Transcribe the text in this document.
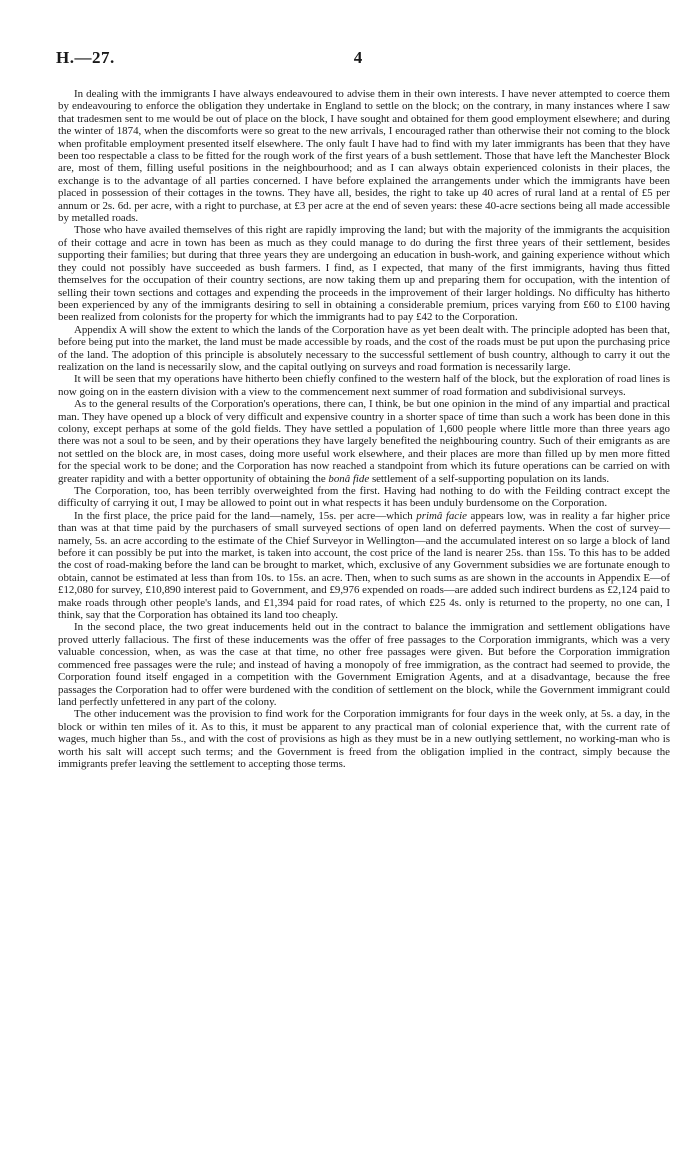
4
H.—27.

In dealing with the immigrants I have always endeavoured to advise them in their own interests. I have never attempted to coerce them by endeavouring to enforce the obligation they undertake in England to settle on the block; on the contrary, in many instances where I saw that tradesmen sent to me would be out of place on the block, I have sought and obtained for them good employment elsewhere; and during the winter of 1874, when the discomforts were so great to the new arrivals, I encouraged rather than otherwise their not coming to the block when profitable employment presented itself elsewhere. The only fault I have had to find with my later immigrants has been that they have been too respectable a class to be fitted for the rough work of the first years of a bush settlement. Those that have left the Manchester Block are, most of them, filling useful positions in the neighbourhood; and as I can always obtain experienced colonists in their places, the exchange is to the advantage of all parties concerned. I have before explained the arrangements under which the immigrants have been placed in possession of their cottages in the towns. They have all, besides, the right to take up 40 acres of rural land at a rental of £5 per annum or 2s. 6d. per acre, with a right to purchase, at £3 per acre at the end of seven years: these 40-acre sections being all made accessible by metalled roads.

Those who have availed themselves of this right are rapidly improving the land; but with the majority of the immigrants the acquisition of their cottage and acre in town has been as much as they could manage to do during the first three years of their settlement, besides supporting their families; but during that three years they are undergoing an education in bush-work, and gaining experience without which they could not possibly have succeeded as bush farmers. I find, as I expected, that many of the first immigrants, having thus fitted themselves for the occupation of their country sections, are now taking them up and preparing them for occupation, with the intention of selling their town sections and cottages and expending the proceeds in the improvement of their larger holdings. No difficulty has hitherto been experienced by any of the immigrants desiring to sell in obtaining a considerable premium, prices varying from £60 to £100 having been realized from colonists for the property for which the immigrants had to pay £42 to the Corporation.

Appendix A will show the extent to which the lands of the Corporation have as yet been dealt with. The principle adopted has been that, before being put into the market, the land must be made accessible by roads, and the cost of the roads must be put upon the purchasing price of the land. The adoption of this principle is absolutely necessary to the successful settlement of bush country, although to carry it out the realization on the land is necessarily slow, and the capital outlying on surveys and road formation is necessarily large.

It will be seen that my operations have hitherto been chiefly confined to the western half of the block, but the exploration of road lines is now going on in the eastern division with a view to the commencement next summer of road formation and subdivisional surveys.

As to the general results of the Corporation's operations, there can, I think, be but one opinion in the mind of any impartial and practical man. They have opened up a block of very difficult and expensive country in a shorter space of time than such a work has been done in this colony, except perhaps at some of the gold fields. They have settled a population of 1,600 people where little more than three years ago there was not a soul to be seen, and by their operations they have largely benefited the neighbouring country. Such of their emigrants as are not settled on the block are, in most cases, doing more useful work elsewhere, and their places are more than filled up by men more fitted for the special work to be done; and the Corporation has now reached a standpoint from which its future operations can be carried on with greater rapidity and with a better opportunity of obtaining the bonâ fide settlement of a self-supporting population on its lands.

The Corporation, too, has been terribly overweighted from the first. Having had nothing to do with the Feilding contract except the difficulty of carrying it out, I may be allowed to point out in what respects it has been unduly burdensome on the Corporation.

In the first place, the price paid for the land—namely, 15s. per acre—which primâ facie appears low, was in reality a far higher price than was at that time paid by the purchasers of small surveyed sections of open land on deferred payments. When the cost of survey—namely, 5s. an acre according to the estimate of the Chief Surveyor in Wellington—and the accumulated interest on so large a block of land before it can possibly be put into the market, is taken into account, the cost price of the land is nearer 25s. than 15s. To this has to be added the cost of road-making before the land can be brought to market, which, exclusive of any Government subsidies we are fortunate enough to obtain, cannot be estimated at less than from 10s. to 15s. an acre. Then, when to such sums as are shown in the accounts in Appendix E—of £12,080 for survey, £10,890 interest paid to Government, and £9,976 expended on roads—are added such indirect burdens as £2,124 paid to make roads through other people's lands, and £1,394 paid for road rates, of which £25 4s. only is returned to the property, no one can, I think, say that the Corporation has obtained its land too cheaply.

In the second place, the two great inducements held out in the contract to balance the immigration and settlement obligations have proved utterly fallacious. The first of these inducements was the offer of free passages to the Corporation immigrants, which was a very valuable concession, when, as was the case at that time, no other free passages were given. But before the Corporation immigration commenced free passages were the rule; and instead of having a monopoly of free immigration, as the contract had seemed to provide, the Corporation found itself engaged in a competition with the Government Emigration Agents, and at a disadvantage, because the free passages the Corporation had to offer were burdened with the condition of settlement on the block, while the Government immigrant could land perfectly unfettered in any part of the colony.

The other inducement was the provision to find work for the Corporation immigrants for four days in the week only, at 5s. a day, in the block or within ten miles of it. As to this, it must be apparent to any practical man of colonial experience that, with the current rate of wages, much higher than 5s., and with the cost of provisions as high as they must be in a new outlying settlement, no working-man who is worth his salt will accept such terms; and the Government is freed from the obligation implied in the contract, simply because the immigrants prefer leaving the settlement to accepting those terms.
